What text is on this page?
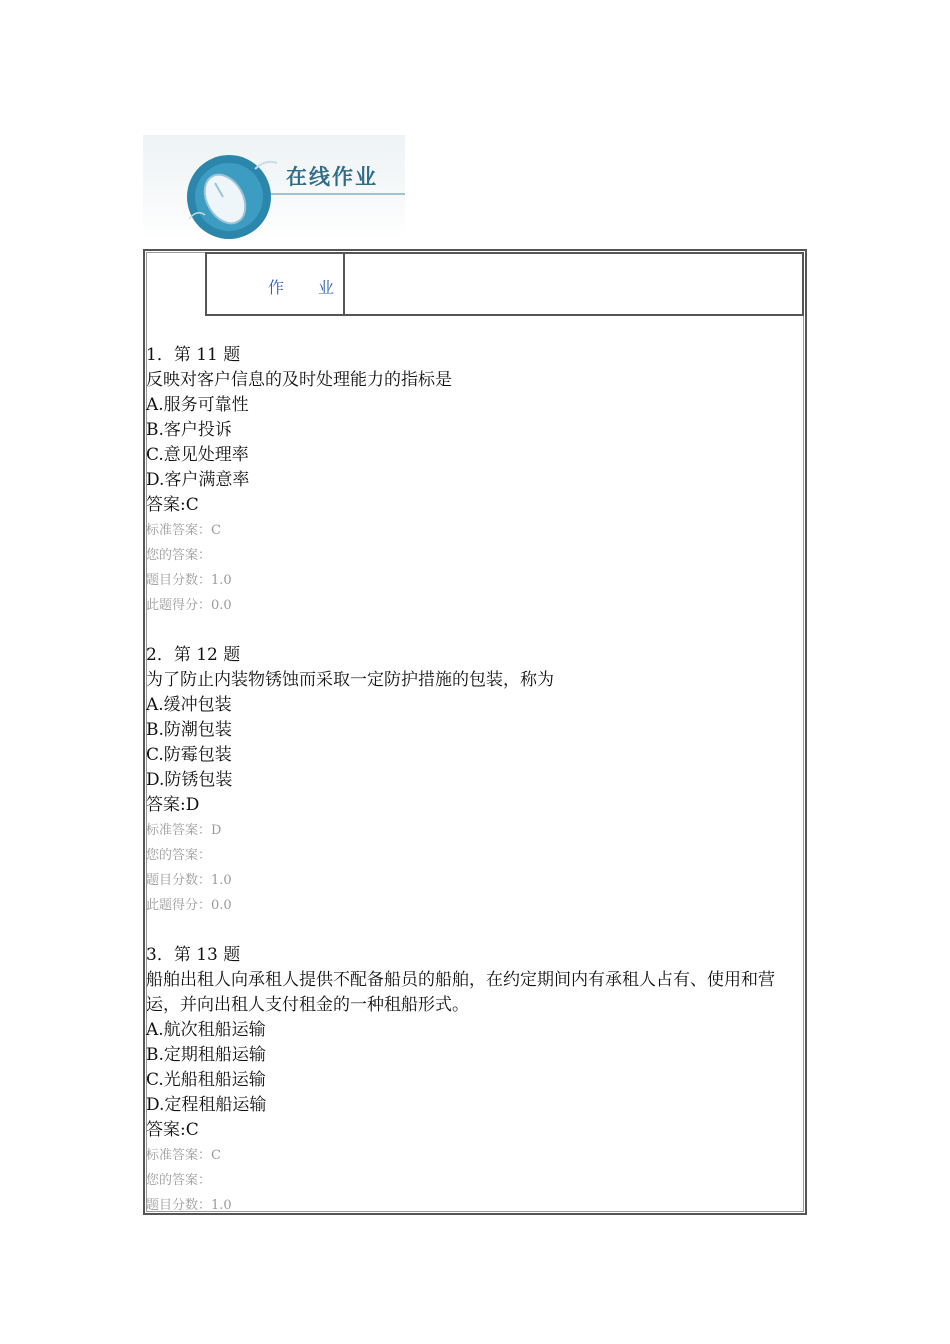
在线作业
作 业
1．第 11 题
反映对客户信息的及时处理能力的指标是
A.服务可靠性
B.客户投诉
C.意见处理率
D.客户满意率
答案:C
标准答案：C
您的答案：
题目分数：1.0
此题得分：0.0
2．第 12 题
为了防止内装物锈蚀而采取一定防护措施的包装，称为
A.缓冲包装
B.防潮包装
C.防霉包装
D.防锈包装
答案:D
标准答案：D
您的答案：
题目分数：1.0
此题得分：0.0
3．第 13 题
船舶出租人向承租人提供不配备船员的船舶，在约定期间内有承租人占有、使用和营运，并向出租人支付租金的一种租船形式。
A.航次租船运输
B.定期租船运输
C.光船租船运输
D.定程租船运输
答案:C
标准答案：C
您的答案：
题目分数：1.0
